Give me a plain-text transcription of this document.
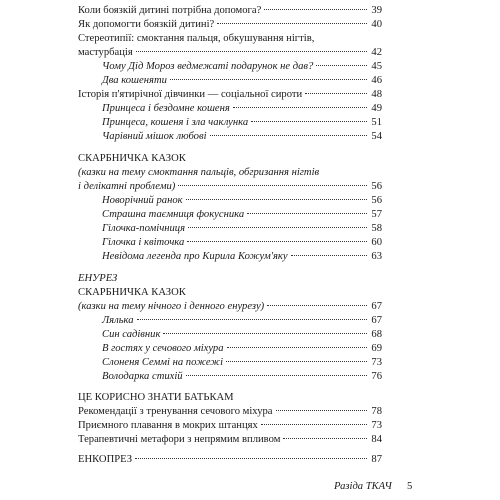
Коли боязкій дитині потрібна допомога?	39
Як допомогти боязкій дитині?	40
Стереотипії: смоктання пальця, обкушування нігтів,
мастурбація	42
Чому Дід Мороз ведмежаті подарунок не дав?	45
Два кошеняти	46
Історія п'ятирічної дівчинки — соціальної сироти	48
Принцеса і бездомне кошеня	49
Принцеса, кошеня і зла чаклунка	51
Чарівний мішок любові	54
СКАРБНИЧКА КАЗОК
(казки на тему смоктання пальців, обгризання нігтів
і делікатні проблеми)	56
Новорічний ранок	56
Страшна таємниця фокусника	57
Гілочка-помічниця	58
Гілочка і квіточка	60
Невідома легенда про Кирила Кожум'яку	63
ЕНУРЕЗ
СКАРБНИЧКА КАЗОК
(казки на тему нічного і денного енурезу)	67
Лялька	67
Син садівник	68
В гостях у сечового міхура	69
Слоненя Семмі на пожежі	73
Володарка стихій	76
ЦЕ КОРИСНО ЗНАТИ БАТЬКАМ
Рекомендації з тренування сечового міхура	78
Приємного плавання в мокрих штанцях	73
Терапевтичні метафори з непрямим впливом	84
ЕНКОПРЕЗ	87
Разіда ТКАЧ 5
